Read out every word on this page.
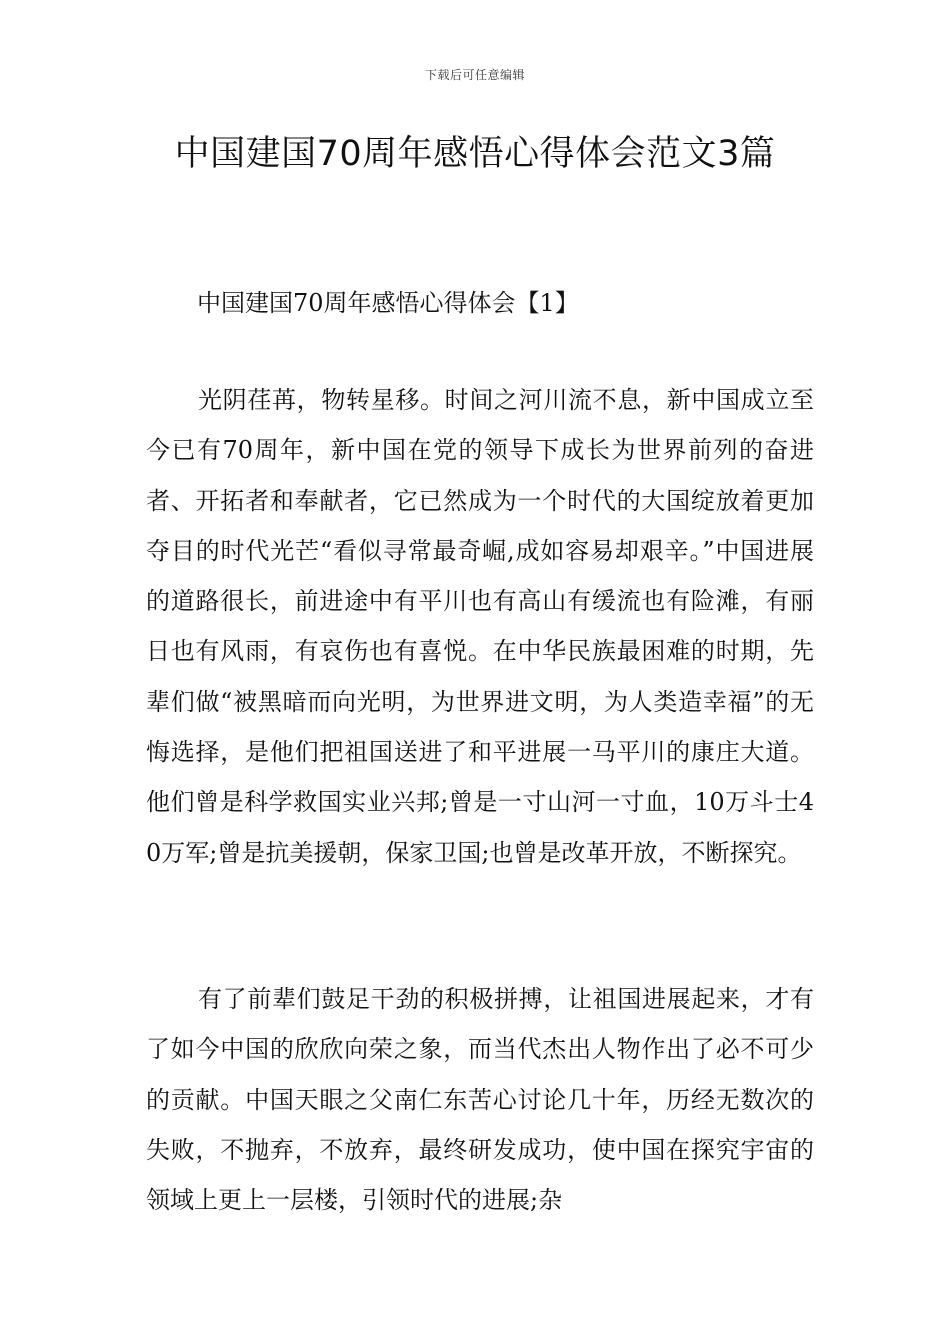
下载后可任意编辑
中国建国70周年感悟心得体会范文3篇
中国建国70周年感悟心得体会【1】

光阴荏苒，物转星移。时间之河川流不息，新中国成立至今已有70周年，新中国在党的领导下成长为世界前列的奋进者、开拓者和奉献者，它已然成为一个时代的大国绽放着更加夺目的时代光芒“看似寻常最奇崛,成如容易却艰辛。”中国进展的道路很长，前进途中有平川也有高山有缓流也有险滩，有丽日也有风雨，有哀伤也有喜悦。在中华民族最困难的时期，先辈们做“被黑暗而向光明，为世界进文明，为人类造幸福”的无悔选择，是他们把祖国送进了和平进展一马平川的康庄大道。他们曾是科学救国实业兴邦;曾是一寸山河一寸血，10万斗士40万军;曾是抗美援朝，保家卫国;也曾是改革开放，不断探究。

有了前辈们鼓足干劲的积极拼搏，让祖国进展起来，才有了如今中国的欣欣向荣之象，而当代杰出人物作出了必不可少的贡献。中国天眼之父南仁东苦心讨论几十年，历经无数次的失败，不抛弃，不放弃，最终研发成功，使中国在探究宇宙的领域上更上一层楼，引领时代的进展;杂
